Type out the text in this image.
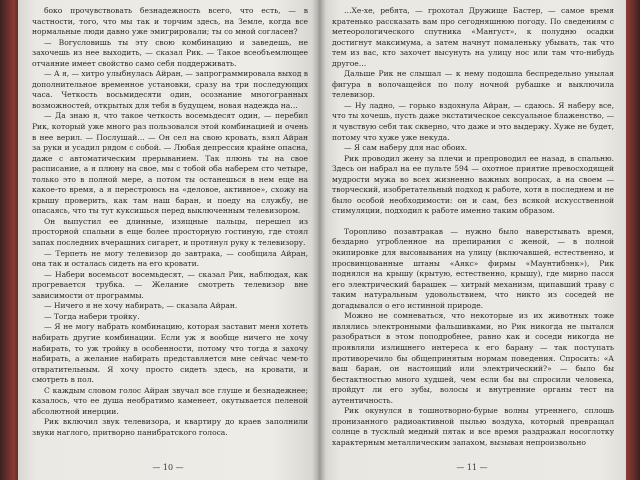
боко прочувствовать безнадежность всего, что есть, — в частности, того, что мы так и торчим здесь, на Земле, когда все нормальные люди давно уже эмигрировали; ты со мной согласен?

— Вогусловишь ты эту свою комбинацию и заведешь, не захочешь из нее выходить, — сказал Рик. — Такое всеобъемлющее отчаяние имеет свойство само себя поддерживать.

— А я, — хитро улыбнулась Айран, — запрограммировала выход в дополнительное временное установки, сразу на три последующих часа. Четкость восьмидесяти один, осознание многогранных возможностей, открытых для тебя в будущем, новая надежда на…

— Да знаю я, что такое четкость восемьдесят один, — перебил Рик, который уже много раз пользовался этой комбинацией и очень в нее верил. — Послушай… — Он сел на свою кровать, взял Айран за руки и усадил рядом с собой. — Любая депрессия крайне опасна, даже с автоматическим прерыванием. Так плюнь ты на свое расписание, а я плюну на свое, мы с тобой оба наберем сто четыре, только это в полной мере, а потом ты останешься в нем еще на какое-то время, а я перестроюсь на «деловое, активное», схожу на крышу проверить, как там наш баран, и поеду на службу, не опасаясь, что ты тут куксишься перед выключенным телевизором.

Он выпустил ее длинные, изящные пальцы, перешел из просторной спальни в еще более просторную гостиную, где стоял запах последних вчерашних сигарет, и протянул руку к телевизору.

— Терпеть не могу телевизор до завтрака, — сообщила Айран, она так и осталась сидеть на его кровати.

— Набери восемьсот восемьдесят, — сказал Рик, наблюдая, как прогревается трубка. — Желание смотреть телевизор вне зависимости от программы.

— Ничего я не хочу набирать, — сказала Айран.

— Тогда набери тройку.

— Я не могу набрать комбинацию, которая заставит меня хотеть набирать другие комбинации. Если уж я вообще ничего не хочу набирать, то уж тройку в особенности, потому что тогда я захочу набирать, а желание набирать представляется мне сейчас чем-то отвратительным. Я хочу просто сидеть здесь, на кровати, и смотреть в пол.

С каждым словом голос Айран звучал все глуше и безнадежнее; казалось, что ее душа необратимо каменеет, окутывается пеленой абсолютной инерции.

Рик включил звук телевизора, и квартиру до краев заполнили звуки наглого, притворно панибратского голоса.

— 10 —

…Хе-хе, ребята, — грохотал Дружище Бастер, — самое время кратенько рассказать вам про сегодняшнюю погоду. По сведениям с метеорологического спутника «Мангуст», к полудню осадки достигнут максимума, а затем начнут помаленьку убывать, так что тем из вас, кто захочет высунуть на улицу нос или там что-нибудь другое…

Дальше Рик не слышал — к нему подошла беспредельно унылая фигура в волочащейся по полу ночной рубашке и выключила телевизор.

— Ну ладно, — горько вздохнула Айран, — сдаюсь. Я наберу все, что ты хочешь, пусть даже экстатическое сексуальное блаженство, — я чувствую себя так скверно, что даже и это выдержу. Хуже не будет, потому что хуже уже некуда.

— Я сам наберу для нас обоих.

Рик проводил жену за плечи и препроводил ее назад, в спальню. Здесь он набрал на ее пульте 594 — охотное приятие превосходящей мудрости мужа во всех жизненно важных вопросах, а на своем — творческий, изобретательный подход к работе, хотя в последнем и не было особой необходимости: он и сам, без всякой искусственной стимуляции, подходил к работе именно таким образом.

Торопливо позавтракав — нужно было наверстывать время, бездарно угробленное на препирания с женой, — в полной экипировке для высовывания на улицу (включавшей, естественно, и просвинцованные штаны «Аякс» фирмы «Маунтибэнк»), Рик поднялся на крышу (крытую, естественно, крышу), где мирно пасся его электрический барашек — хитрый механизм, щипавший траву с таким натуральным удовольствием, что никто из соседей не догадывался о его истинной природе.

Можно не сомневаться, что некоторые из их животных тоже являлись электронными фальшивками, но Рик никогда не пытался разобраться в этом поподробнее, равно как и соседи никогда не проявляли излишнего интереса к его барану — так поступать противоречило бы общепринятым нормам поведения. Спросить: «А ваш баран, он настоящий или электрический?» — было бы бестактностью много худшей, чем если бы вы спросили человека, пройдут ли его зубы, волосы и внутренние органы тест на аутентичность.

Рик окунулся в тошнотворно-бурые волны утреннего, сплошь пронизанного радиоактивной пылью воздуха, который превращал солнце в тусклый медный пятак и все время раздражал носоглотку характерным металлическим запахом, вызывая непроизвольно

— 11 —
